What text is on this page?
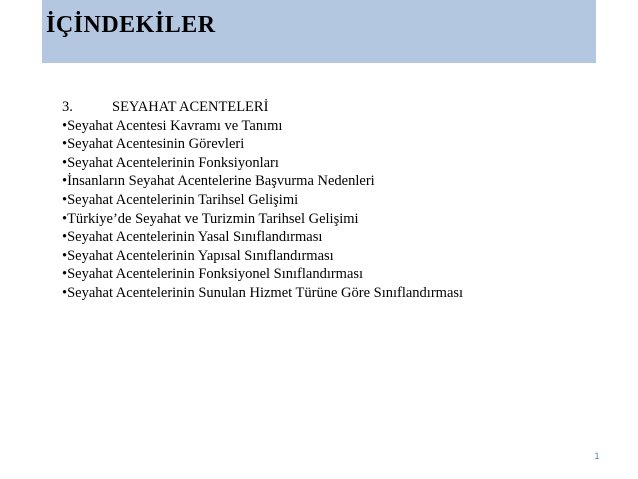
İÇİNDEKİLER
3.	SEYAHAT ACENTELERİ
•Seyahat Acentesi Kavramı ve Tanımı
•Seyahat Acentesinin Görevleri
•Seyahat Acentelerinin Fonksiyonları
•İnsanların Seyahat Acentelerine Başvurma Nedenleri
•Seyahat Acentelerinin Tarihsel Gelişimi
•Türkiye’de Seyahat ve Turizmin Tarihsel Gelişimi
•Seyahat Acentelerinin Yasal Sınıflandırması
•Seyahat Acentelerinin Yapısal Sınıflandırması
•Seyahat Acentelerinin Fonksiyonel Sınıflandırması
•Seyahat Acentelerinin Sunulan Hizmet Türüne Göre Sınıflandırması
1
